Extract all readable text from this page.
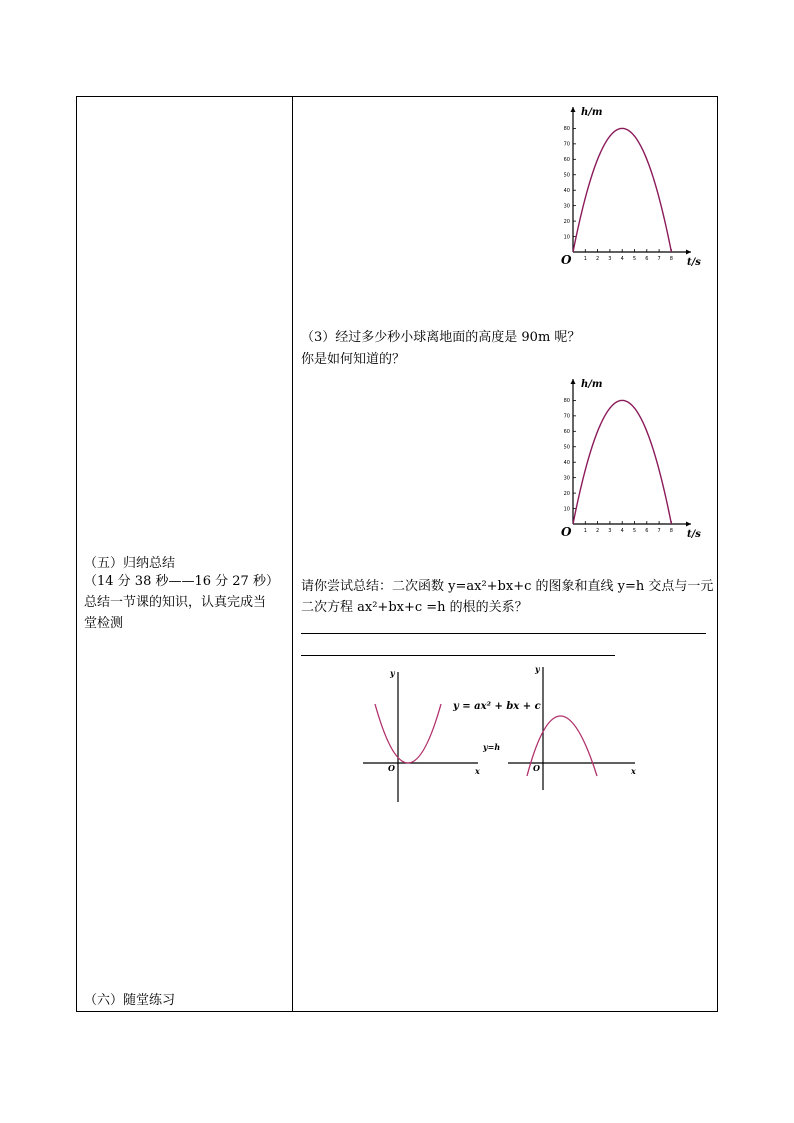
（五）归纳总结
（14 分 38 秒——16 分 27 秒）
总结一节课的知识，认真完成当
堂检测
（六）随堂练习
10
20
30
40
50
60
70
80
1 2 3 4 5 6 7 8
h/m
t/s
O
（3）经过多少秒小球离地面的高度是 90m 呢？
你是如何知道的？
10
20
30
40
50
60
70
80
1 2 3 4 5 6 7 8
h/m
t/s
O
请你尝试总结：二次函数 y=ax²+bx+c 的图象和直线 y=h 交点与一元
二次方程 ax²+bx+c =h 的根的关系？
x
y
O
y = ax² + bx + c
y=h
x
y
O
